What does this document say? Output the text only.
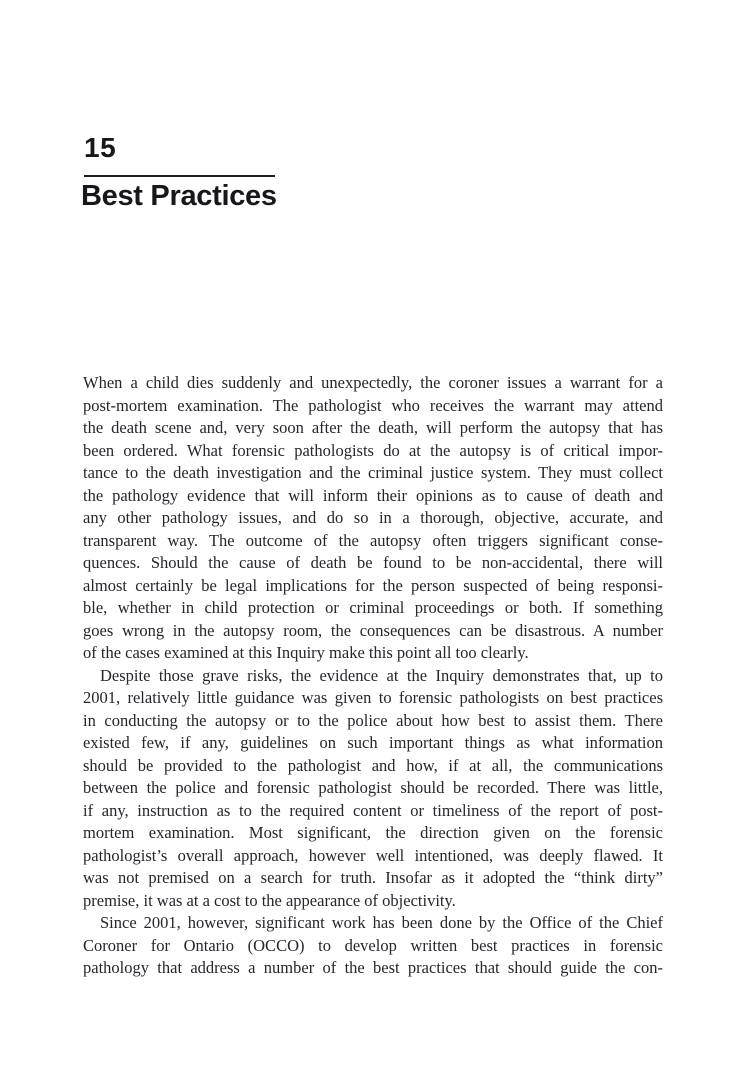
15
Best Practices
When a child dies suddenly and unexpectedly, the coroner issues a warrant for a
post-mortem examination. The pathologist who receives the warrant may attend
the death scene and, very soon after the death, will perform the autopsy that has
been ordered. What forensic pathologists do at the autopsy is of critical impor-
tance to the death investigation and the criminal justice system. They must collect
the pathology evidence that will inform their opinions as to cause of death and
any other pathology issues, and do so in a thorough, objective, accurate, and
transparent way. The outcome of the autopsy often triggers significant conse-
quences. Should the cause of death be found to be non-accidental, there will
almost certainly be legal implications for the person suspected of being responsi-
ble, whether in child protection or criminal proceedings or both. If something
goes wrong in the autopsy room, the consequences can be disastrous. A number
of the cases examined at this Inquiry make this point all too clearly.
Despite those grave risks, the evidence at the Inquiry demonstrates that, up to
2001, relatively little guidance was given to forensic pathologists on best practices
in conducting the autopsy or to the police about how best to assist them. There
existed few, if any, guidelines on such important things as what information
should be provided to the pathologist and how, if at all, the communications
between the police and forensic pathologist should be recorded. There was little,
if any, instruction as to the required content or timeliness of the report of post-
mortem examination. Most significant, the direction given on the forensic
pathologist’s overall approach, however well intentioned, was deeply flawed. It
was not premised on a search for truth. Insofar as it adopted the “think dirty”
premise, it was at a cost to the appearance of objectivity.
Since 2001, however, significant work has been done by the Office of the Chief
Coroner for Ontario (OCCO) to develop written best practices in forensic
pathology that address a number of the best practices that should guide the con-
